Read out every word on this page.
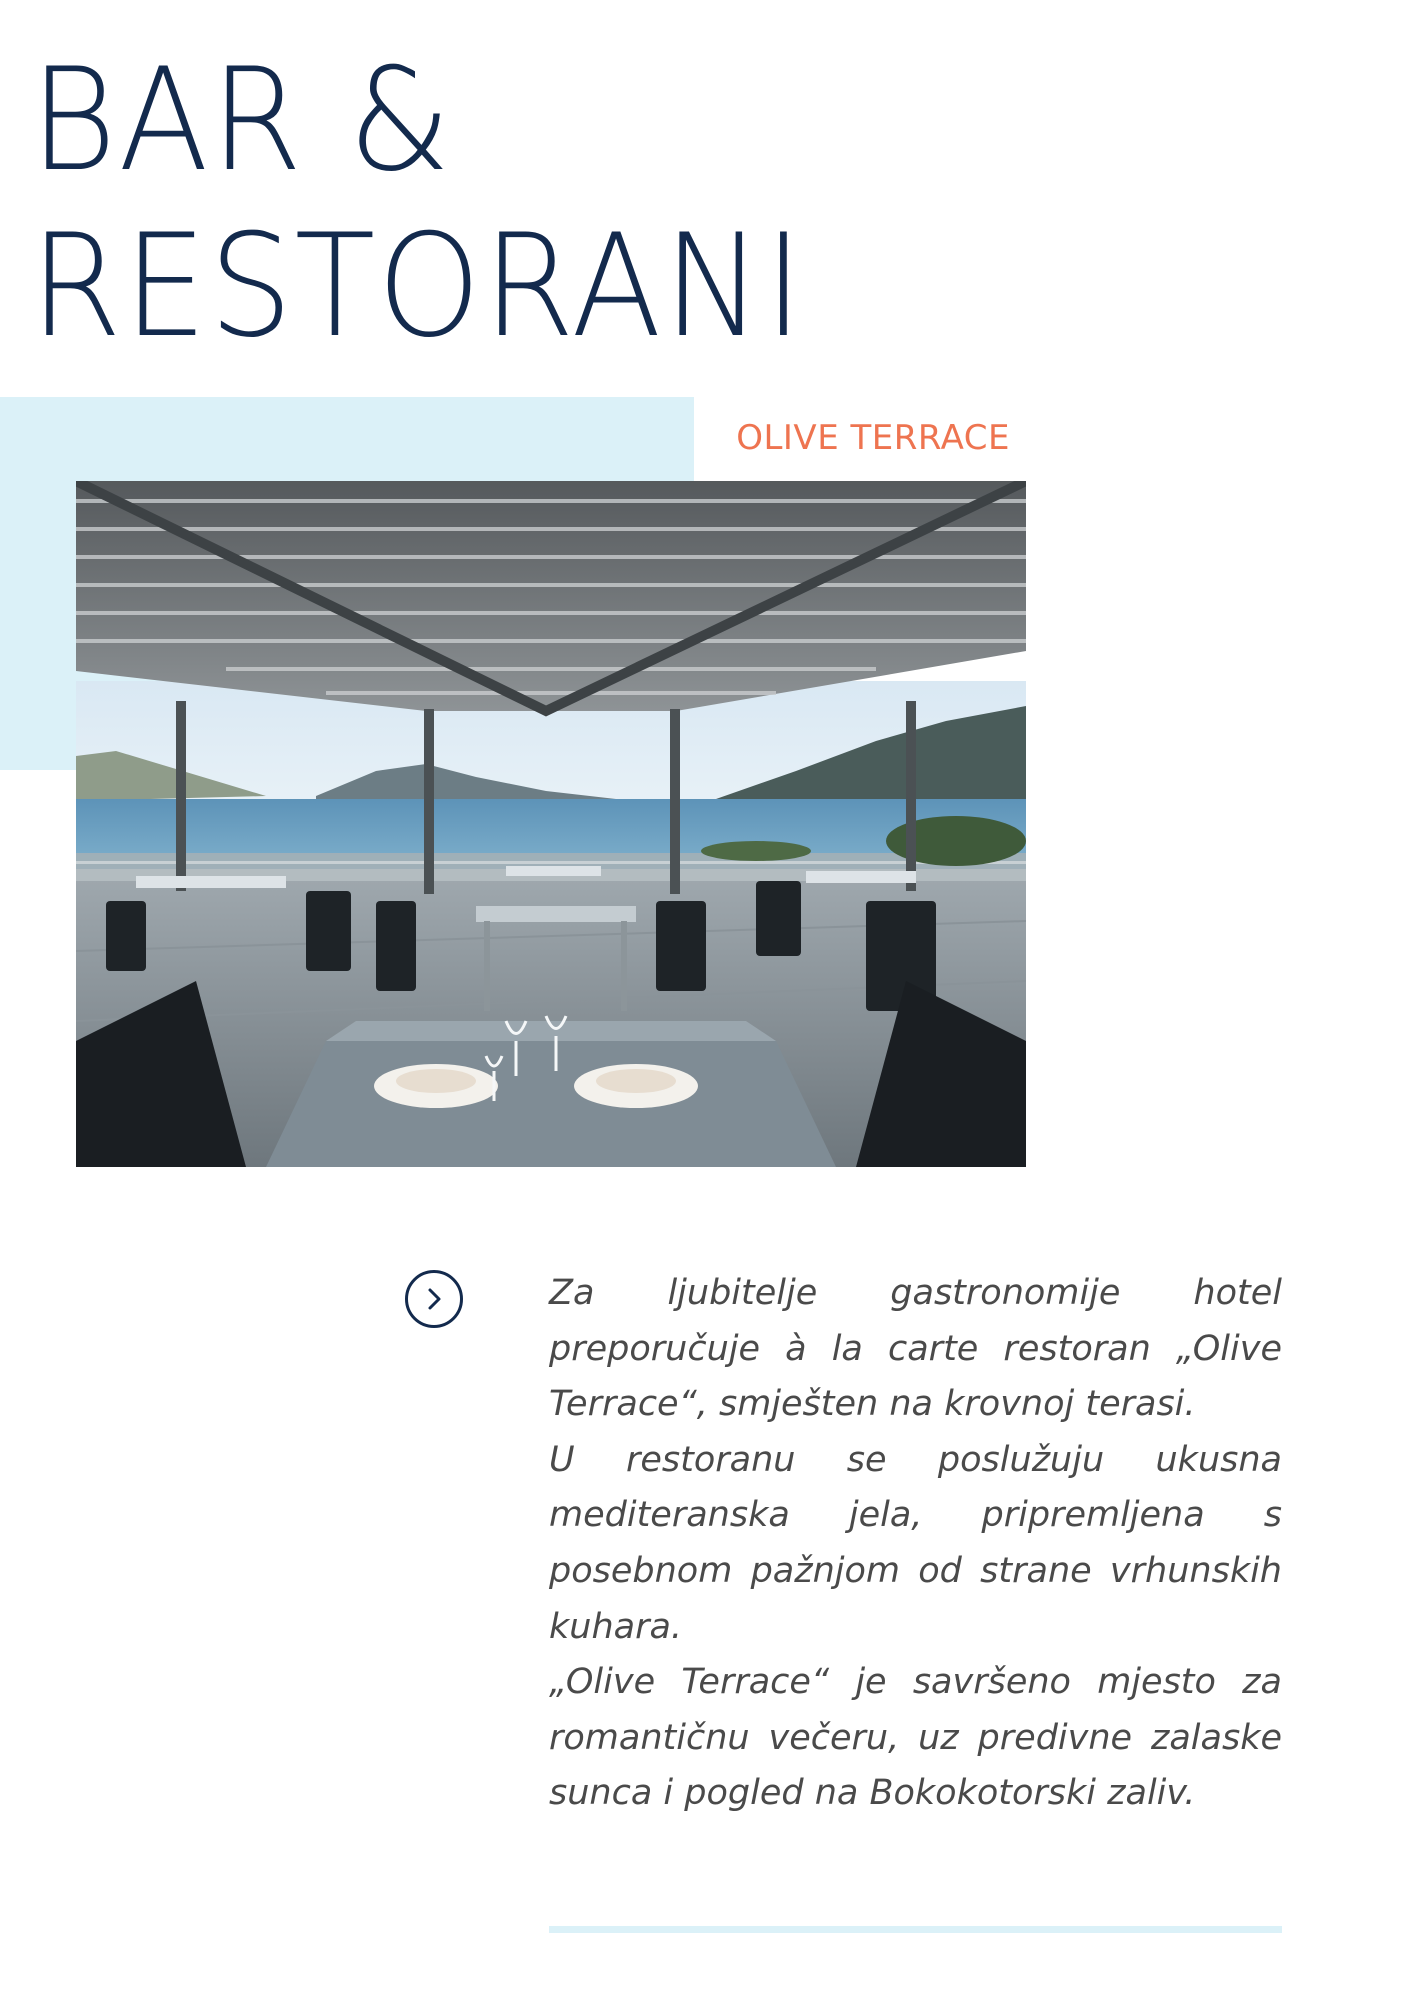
BAR &
RESTORANI
OLIVE TERRACE

Za ljubitelje gastronomije hotel preporučuje à la carte restoran „Olive Terrace“, smješten na krovnoj terasi.

U restoranu se poslužuju ukusna mediteranska jela, pripremljena s posebnom pažnjom od strane vrhunskih kuhara.

„Olive Terrace“ je savršeno mjesto za romantičnu večeru, uz predivne zalaske sunca i pogled na Bokokotorski zaliv.
